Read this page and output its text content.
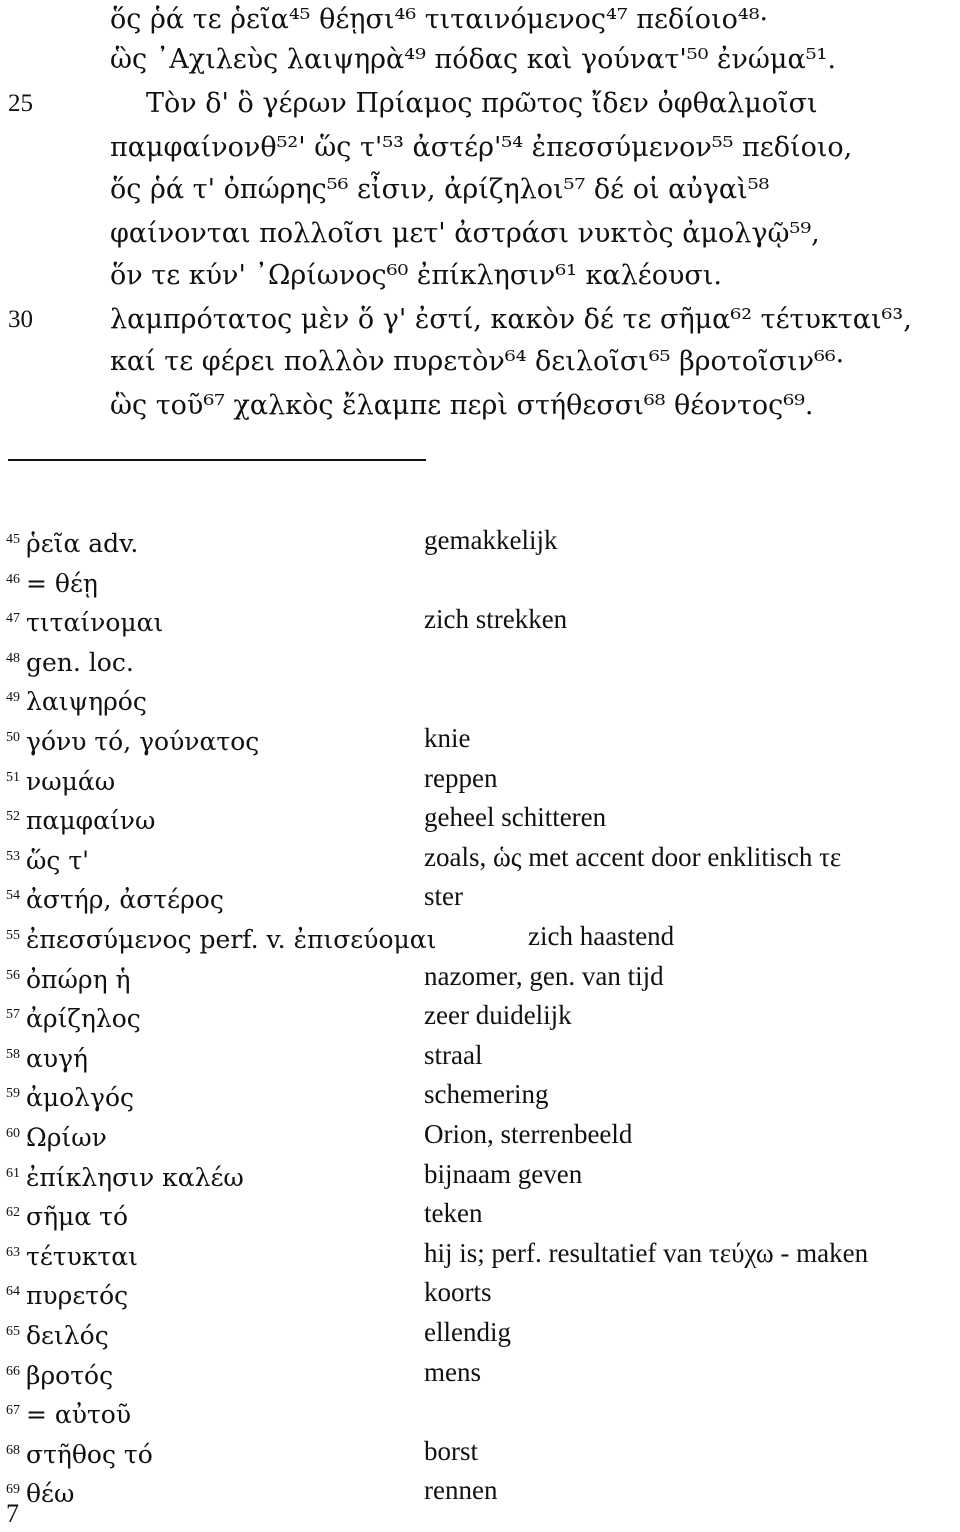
ὅς ῥά τε ῥεῖα⁴⁵ θέῃσι⁴⁶ τιταινόμενος⁴⁷ πεδίοιο⁴⁸·
ὣς ᾿Αχιλεὺς λαιψηρὰ⁴⁹ πόδας καὶ γούνατ'⁵⁰ ἐνώμα⁵¹.
Τὸν δ' ὃ γέρων Πρίαμος πρῶτος ἴδεν ὀφθαλμοῖσι
παμφαίνονθ⁵²' ὥς τ'⁵³ ἀστέρ'⁵⁴ ἐπεσσύμενον⁵⁵ πεδίοιο,
ὅς ῥά τ' ὀπώρης⁵⁶ εἶσιν, ἀρίζηλοι⁵⁷ δέ οἱ αὐγαὶ⁵⁸
φαίνονται πολλοῖσι μετ' ἀστράσι νυκτὸς ἀμολγῷ⁵⁹,
ὅν τε κύν' ᾿Ωρίωνος⁶⁰ ἐπίκλησιν⁶¹ καλέουσι.
λαμπρότατος μὲν ὅ γ' ἐστί, κακὸν δέ τε σῆμα⁶² τέτυκται⁶³,
καί τε φέρει πολλὸν πυρετὸν⁶⁴ δειλοῖσι⁶⁵ βροτοῖσιν⁶⁶·
ὣς τοῦ⁶⁷ χαλκὸς ἔλαμπε περὶ στήθεσσι⁶⁸ θέοντος⁶⁹.
25
30
$^{45}$ ῥεῖα adv.	gemakkelijk
$^{46}$ = θέῃ
$^{47}$ τιταίνομαι	zich strekken
$^{48}$ gen. loc.
$^{49}$ λαιψηρός
$^{50}$ γόνυ τό, γούνατος	knie
$^{51}$ νωμάω	reppen
$^{52}$ παμφαίνω	geheel schitteren
$^{53}$ ὥς τ'	zoals, ὡς met accent door enklitisch τε
$^{54}$ ἀστήρ, ἀστέρος	ster
$^{55}$ ἐπεσσύμενος perf. v. ἐπισεύομαι	zich haastend
$^{56}$ ὀπώρη ἡ	nazomer, gen. van tijd
$^{57}$ ἀρίζηλος	zeer duidelijk
$^{58}$ αυγή	straal
$^{59}$ ἀμολγός	schemering
$^{60}$ Ωρίων	Orion, sterrenbeeld
$^{61}$ ἐπίκλησιν καλέω	bijnaam geven
$^{62}$ σῆμα τό	teken
$^{63}$ τέτυκται	hij is; perf. resultatief van τεύχω - maken
$^{64}$ πυρετός	koorts
$^{65}$ δειλός	ellendig
$^{66}$ βροτός	mens
$^{67}$ = αὐτοῦ
$^{68}$ στῆθος τό	borst
$^{69}$ θέω	rennen
7
